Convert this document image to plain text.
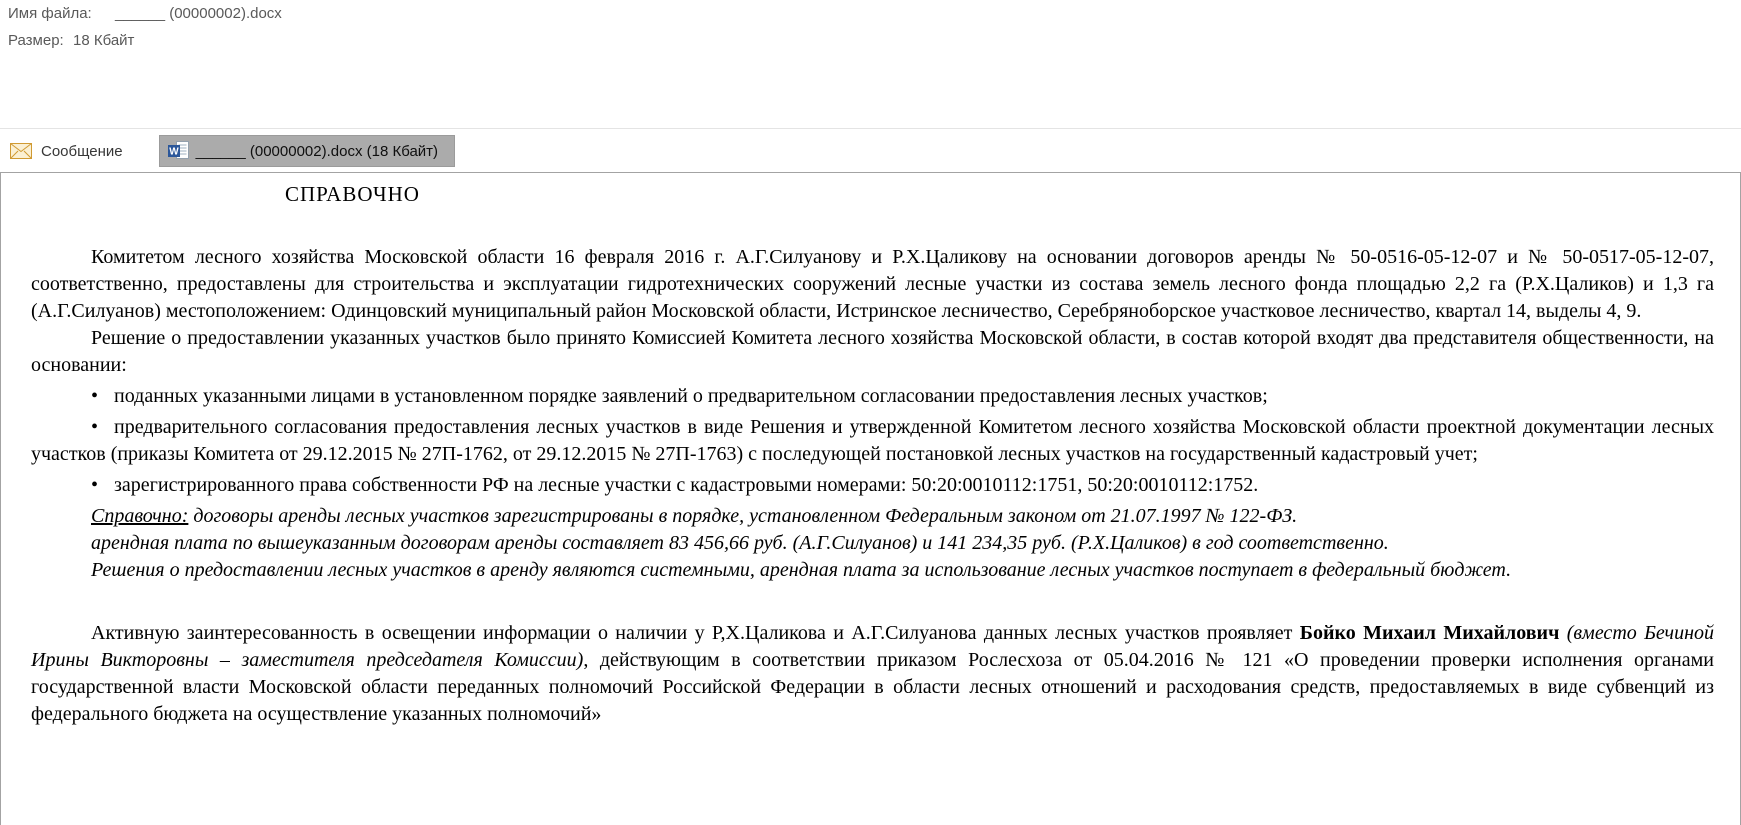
Имя файла:	______ (00000002).docx
Размер: 18 Кбайт
Сообщение	W ______ (00000002).docx (18 Кбайт)
СПРАВОЧНО

Комитетом лесного хозяйства Московской области 16 февраля 2016 г. А.Г.Силуанову и Р.Х.Цаликову на основании договоров аренды № 50-0516-05-12-07 и № 50-0517-05-12-07, соответственно, предоставлены для строительства и эксплуатации гидротехнических сооружений лесные участки из состава земель лесного фонда площадью 2,2 га (Р.Х.Цаликов) и 1,3 га (А.Г.Силуанов) местоположением: Одинцовский муниципальный район Московской области, Истринское лесничество, Серебряноборское участковое лесничество, квартал 14, выделы 4, 9.

Решение о предоставлении указанных участков было принято Комиссией Комитета лесного хозяйства Московской области, в состав которой входят два представителя общественности, на основании:

• поданных указанными лицами в установленном порядке заявлений о предварительном согласовании предоставления лесных участков;

• предварительного согласования предоставления лесных участков в виде Решения и утвержденной Комитетом лесного хозяйства Московской области проектной документации лесных участков (приказы Комитета от 29.12.2015 № 27П-1762, от 29.12.2015 № 27П-1763) с последующей постановкой лесных участков на государственный кадастровый учет;

• зарегистрированного права собственности РФ на лесные участки с кадастровыми номерами: 50:20:0010112:1751, 50:20:0010112:1752.

Справочно: договоры аренды лесных участков зарегистрированы в порядке, установленном Федеральным законом от 21.07.1997 № 122-ФЗ.

арендная плата по вышеуказанным договорам аренды составляет 83 456,66 руб. (А.Г.Силуанов) и 141 234,35 руб. (Р.Х.Цаликов) в год соответственно.

Решения о предоставлении лесных участков в аренду являются системными, арендная плата за использование лесных участков поступает в федеральный бюджет.

Активную заинтересованность в освещении информации о наличии у Р,Х.Цаликова и А.Г.Силуанова данных лесных участков проявляет Бойко Михаил Михайлович (вместо Бечиной Ирины Викторовны – заместителя председателя Комиссии), действующим в соответствии приказом Рослесхоза от 05.04.2016 № 121 «О проведении проверки исполнения органами государственной власти Московской области переданных полномочий Российской Федерации в области лесных отношений и расходования средств, предоставляемых в виде субвенций из федерального бюджета на осуществление указанных полномочий»
